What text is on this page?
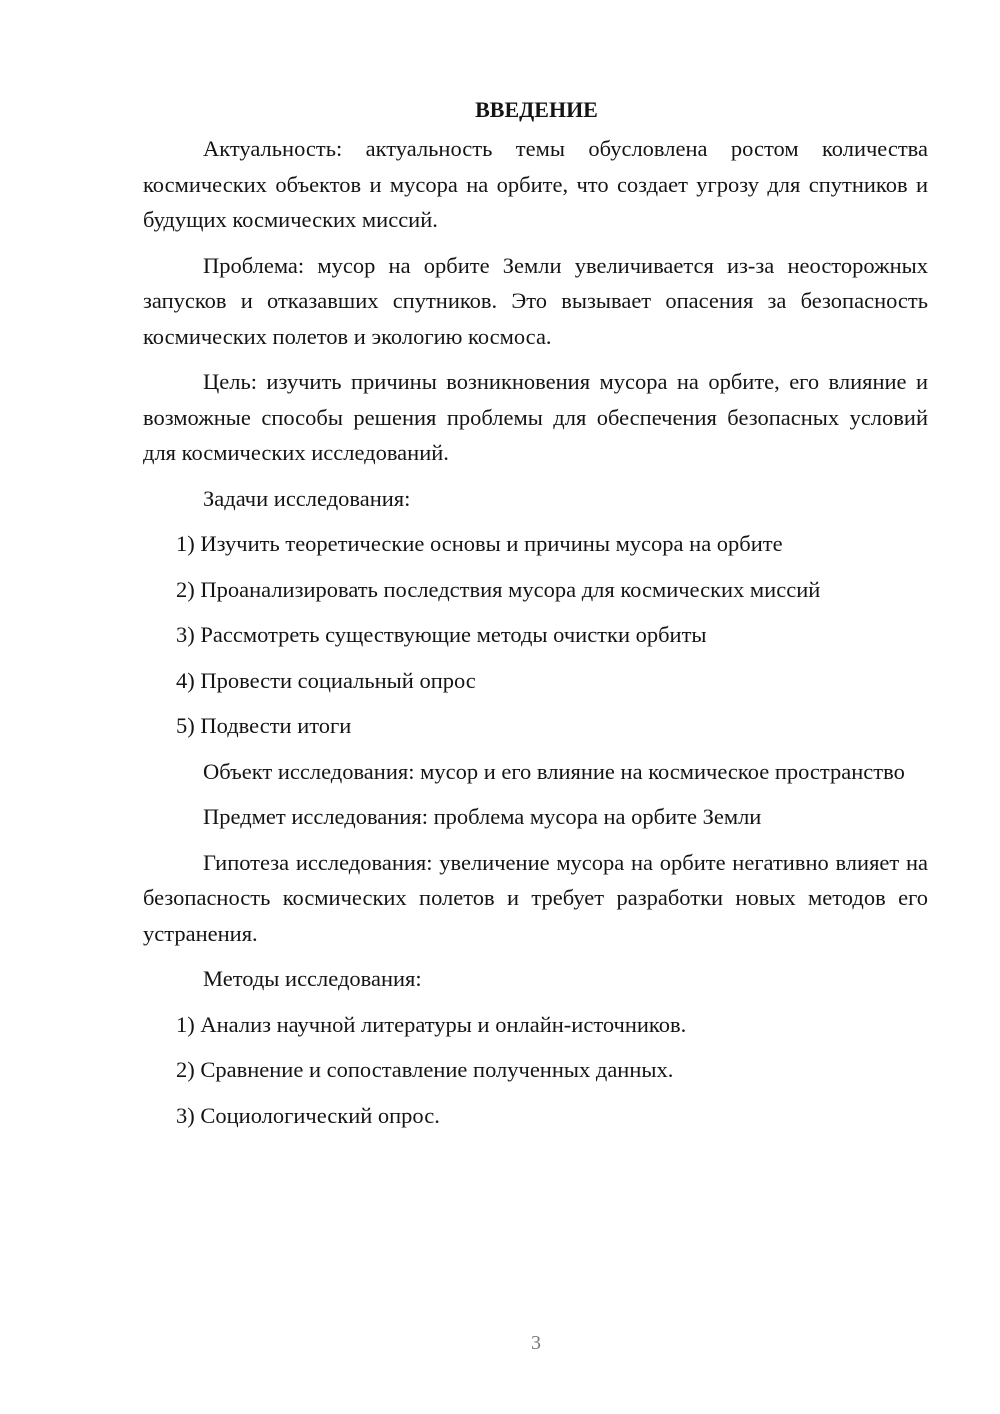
ВВЕДЕНИЕ

Актуальность: актуальность темы обусловлена ростом количества космических объектов и мусора на орбите, что создает угрозу для спутников и будущих космических миссий.

Проблема: мусор на орбите Земли увеличивается из-за неосторожных запусков и отказавших спутников. Это вызывает опасения за безопасность космических полетов и экологию космоса.

Цель: изучить причины возникновения мусора на орбите, его влияние и возможные способы решения проблемы для обеспечения безопасных условий для космических исследований.

Задачи исследования:

1) Изучить теоретические основы и причины мусора на орбите
2) Проанализировать последствия мусора для космических миссий
3) Рассмотреть существующие методы очистки орбиты
4) Провести социальный опрос
5) Подвести итоги

Объект исследования: мусор и его влияние на космическое пространство

Предмет исследования: проблема мусора на орбите Земли

Гипотеза исследования: увеличение мусора на орбите негативно влияет на безопасность космических полетов и требует разработки новых методов его устранения.

Методы исследования:

1) Анализ научной литературы и онлайн-источников.
2) Сравнение и сопоставление полученных данных.
3) Социологический опрос.
3
